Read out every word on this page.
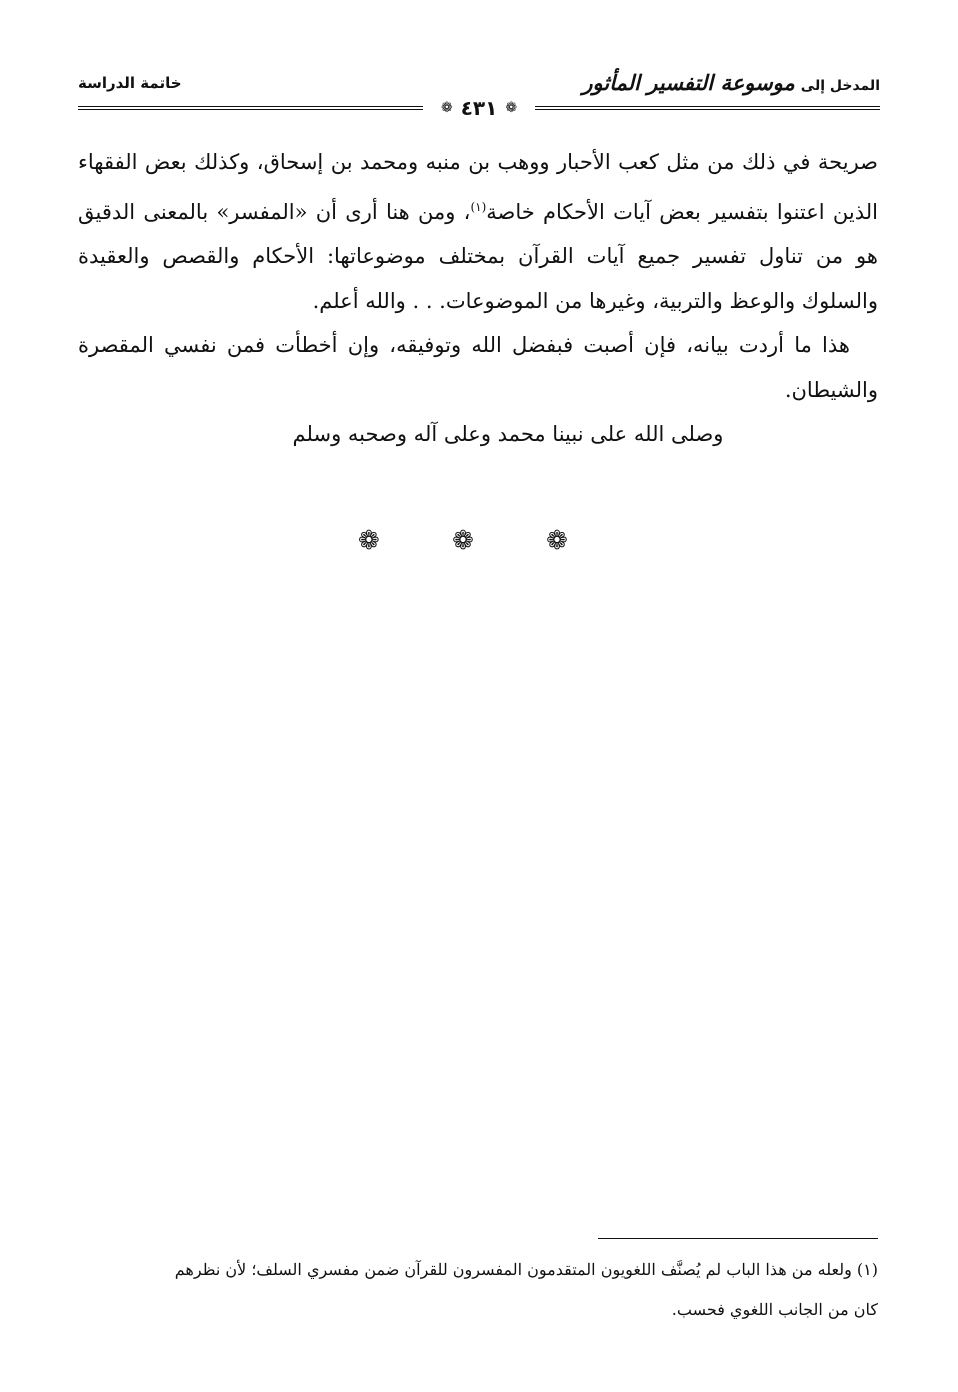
المدخل إلى
موسوعة التفسير المأثور
خاتمة الدراسة
❁ ٤٣١ ❁

صريحة في ذلك من مثل كعب الأحبار ووهب بن منبه ومحمد بن إسحاق، وكذلك بعض الفقهاء الذين اعتنوا بتفسير بعض آيات الأحكام خاصة$^{(١)}$، ومن هنا أرى أن «المفسر» بالمعنى الدقيق هو من تناول تفسير جميع آيات القرآن بمختلف موضوعاتها: الأحكام والقصص والعقيدة والسلوك والوعظ والتربية، وغيرها من الموضوعات. . . والله أعلم.

هذا ما أردت بيانه، فإن أصبت فبفضل الله وتوفيقه، وإن أخطأت فمن نفسي المقصرة والشيطان.

وصلى الله على نبينا محمد وعلى آله وصحبه وسلم

❁ ❁ ❁

(١) ولعله من هذا الباب لم يُصنَّف اللغويون المتقدمون المفسرون للقرآن ضمن مفسري السلف؛ لأن نظرهم

كان من الجانب اللغوي فحسب.
